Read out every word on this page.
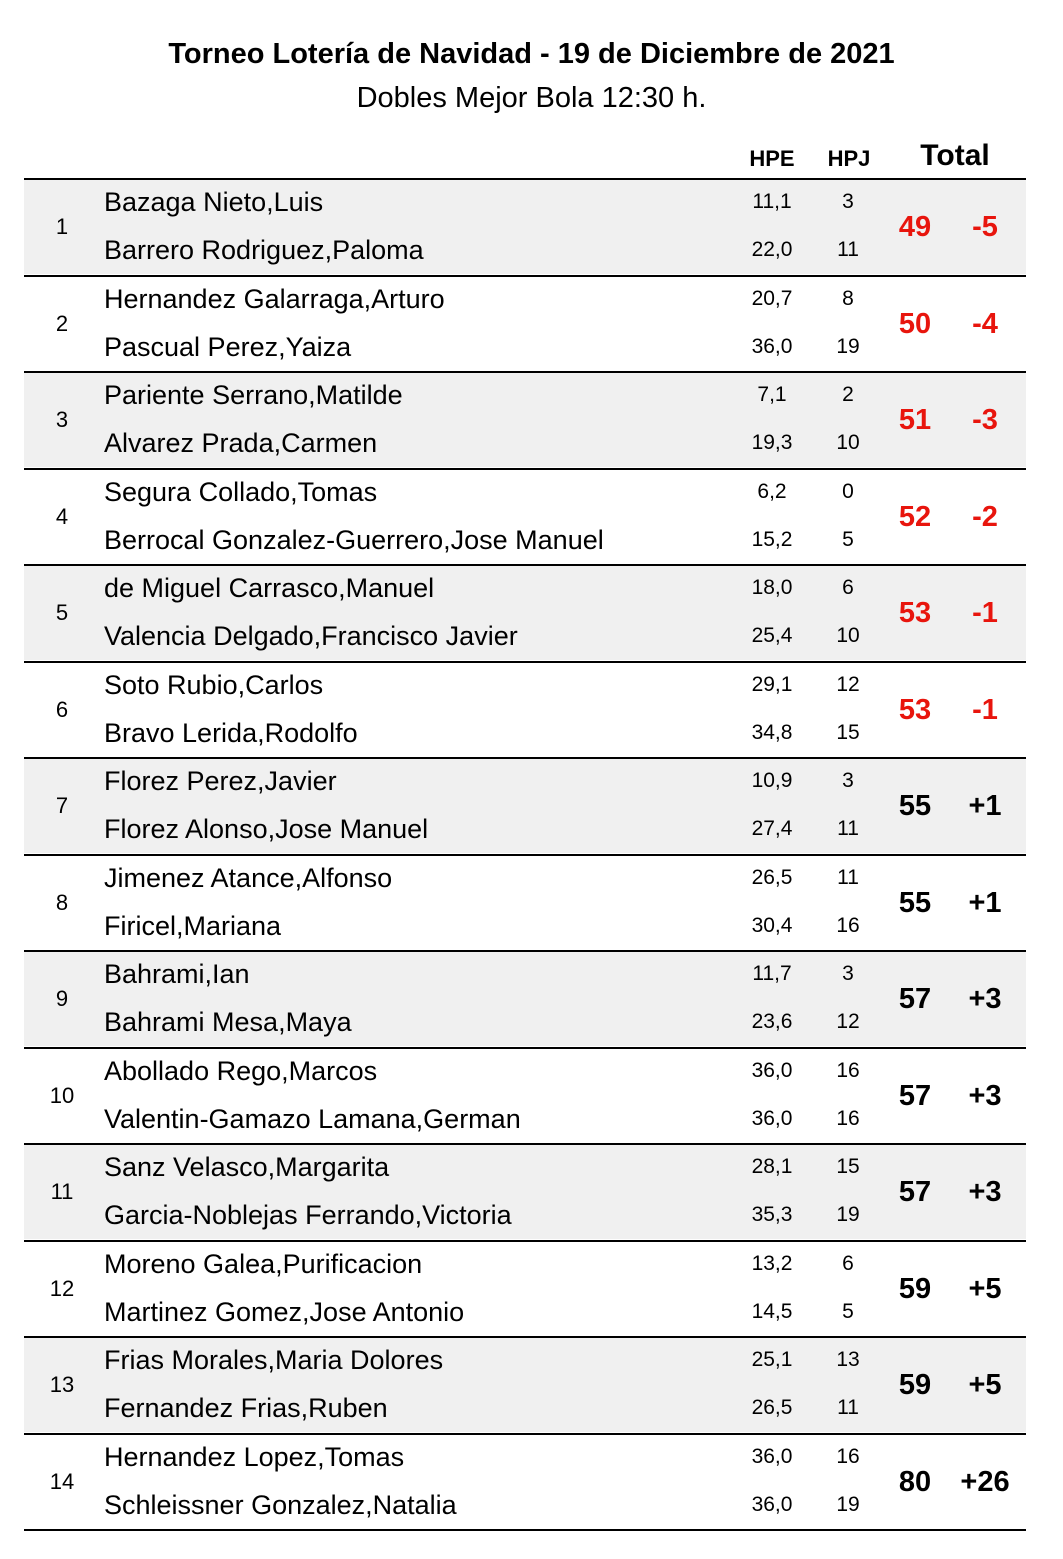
Torneo Lotería de Navidad - 19 de Diciembre de 2021
Dobles Mejor Bola 12:30 h.
HPE	HPJ	Total
1
Bazaga Nieto,Luis	11,1	3
Barrero Rodriguez,Paloma	22,0	11
49	-5
2
Hernandez Galarraga,Arturo	20,7	8
Pascual Perez,Yaiza	36,0	19
50	-4
3
Pariente Serrano,Matilde	7,1	2
Alvarez Prada,Carmen	19,3	10
51	-3
4
Segura Collado,Tomas	6,2	0
Berrocal Gonzalez-Guerrero,Jose Manuel	15,2	5
52	-2
5
de Miguel Carrasco,Manuel	18,0	6
Valencia Delgado,Francisco Javier	25,4	10
53	-1
6
Soto Rubio,Carlos	29,1	12
Bravo Lerida,Rodolfo	34,8	15
53	-1
7
Florez Perez,Javier	10,9	3
Florez Alonso,Jose Manuel	27,4	11
55	+1
8
Jimenez Atance,Alfonso	26,5	11
Firicel,Mariana	30,4	16
55	+1
9
Bahrami,Ian	11,7	3
Bahrami Mesa,Maya	23,6	12
57	+3
10
Abollado Rego,Marcos	36,0	16
Valentin-Gamazo Lamana,German	36,0	16
57	+3
11
Sanz Velasco,Margarita	28,1	15
Garcia-Noblejas Ferrando,Victoria	35,3	19
57	+3
12
Moreno Galea,Purificacion	13,2	6
Martinez Gomez,Jose Antonio	14,5	5
59	+5
13
Frias Morales,Maria Dolores	25,1	13
Fernandez Frias,Ruben	26,5	11
59	+5
14
Hernandez Lopez,Tomas	36,0	16
Schleissner Gonzalez,Natalia	36,0	19
80	+26
